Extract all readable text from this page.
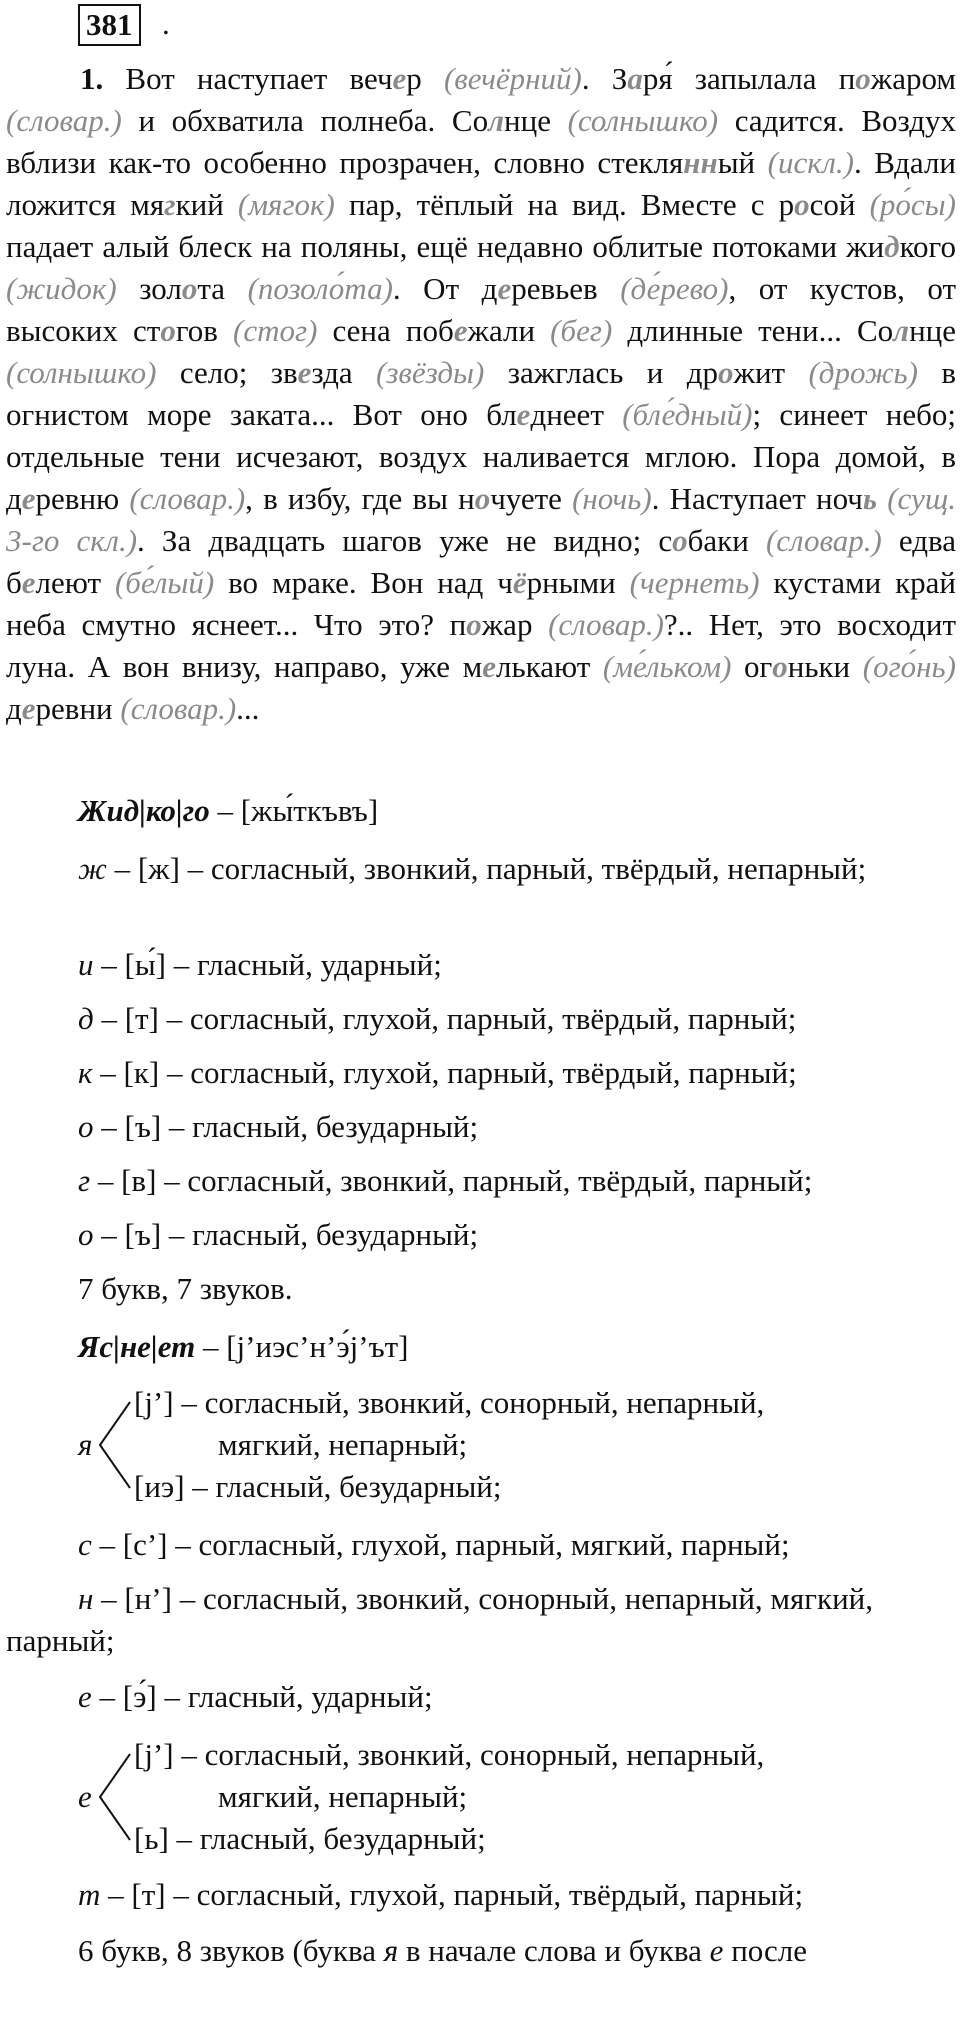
381 .
1. Вот наступает вечер (вечёрний). Заря́ запылала пожаром (словар.) и обхватила полнеба. Солнце (солнышко) садится. Воздух вблизи как-то особенно прозрачен, словно стеклянный (искл.). Вдали ложится мягкий (мягок) пар, тёплый на вид. Вместе с росой (ро́сы) падает алый блеск на поляны, ещё недавно облитые потоками жидкого (жидок) золота (позоло́та). От деревьев (де́рево), от кустов, от высоких стогов (стог) сена побежали (бег) длинные тени... Солнце (солнышко) село; звезда (звёзды) зажглась и дрожит (дрожь) в огнистом море заката... Вот оно бледнеет (бле́дный); синеет небо; отдельные тени исчезают, воздух наливается мглою. Пора домой, в деревню (словар.), в избу, где вы ночуете (ночь). Наступает ночь (сущ. 3-го скл.). За двадцать шагов уже не видно; собаки (словар.) едва белеют (бе́лый) во мраке. Вон над чёрными (чернеть) кустами край неба смутно яснеет... Что это? пожар (словар.)?.. Нет, это восходит луна. А вон внизу, направо, уже мелькают (ме́льком) огоньки (ого́нь) деревни (словар.)...
Жид|ко|го – [жы́ткъвъ]
ж – [ж] – согласный, звонкий, парный, твёрдый, непарный;
и – [ы́] – гласный, ударный;
д – [т] – согласный, глухой, парный, твёрдый, парный;
к – [к] – согласный, глухой, парный, твёрдый, парный;
о – [ъ] – гласный, безударный;
г – [в] – согласный, звонкий, парный, твёрдый, парный;
о – [ъ] – гласный, безударный;
7 букв, 7 звуков.
Яс|не|ет – [j’иэс’н’э́j’ът]
я
[j’] – согласный, звонкий, сонорный, непарный,
мягкий, непарный;
[иэ] – гласный, безударный;
с – [с’] – согласный, глухой, парный, мягкий, парный;
н – [н’] – согласный, звонкий, сонорный, непарный, мягкий, парный;
е – [э́] – гласный, ударный;
е
[j’] – согласный, звонкий, сонорный, непарный,
мягкий, непарный;
[ь] – гласный, безударный;
т – [т] – согласный, глухой, парный, твёрдый, парный;
6 букв, 8 звуков (буква я в начале слова и буква е после
